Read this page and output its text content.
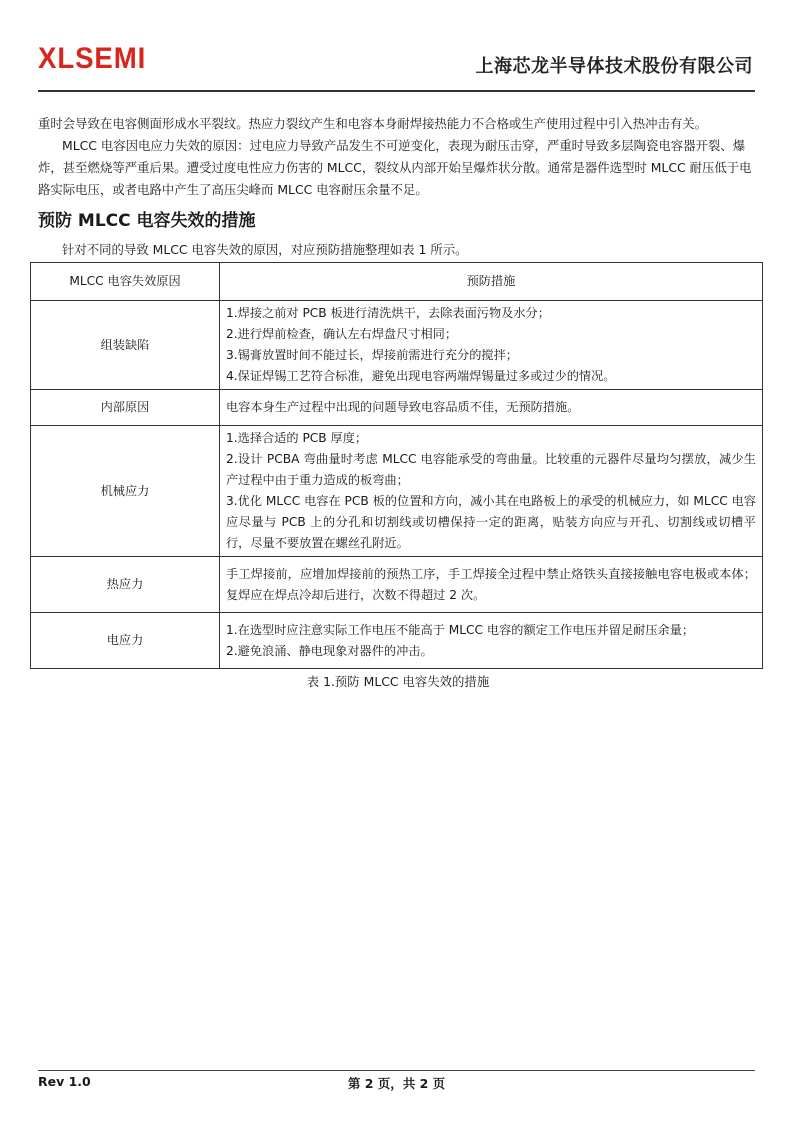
XLSEMI	上海芯龙半导体技术股份有限公司

重时会导致在电容侧面形成水平裂纹。热应力裂纹产生和电容本身耐焊接热能力不合格或生产使用过程中引入热冲击有关。

MLCC 电容因电应力失效的原因：过电应力导致产品发生不可逆变化，表现为耐压击穿，严重时导致多层陶瓷电容器开裂、爆炸，甚至燃烧等严重后果。遭受过度电性应力伤害的 MLCC，裂纹从内部开始呈爆炸状分散。通常是器件选型时 MLCC 耐压低于电路实际电压，或者电路中产生了高压尖峰而 MLCC 电容耐压余量不足。

预防 MLCC 电容失效的措施

针对不同的导致 MLCC 电容失效的原因，对应预防措施整理如表 1 所示。

MLCC 电容失效原因	预防措施
组装缺陷	1.焊接之前对 PCB 板进行清洗烘干，去除表面污物及水分；
2.进行焊前检查，确认左右焊盘尺寸相同；
3.锡膏放置时间不能过长，焊接前需进行充分的搅拌；
4.保证焊锡工艺符合标准，避免出现电容两端焊锡量过多或过少的情况。

内部原因	电容本身生产过程中出现的问题导致电容品质不佳，无预防措施。

机械应力	1.选择合适的 PCB 厚度；
2.设计 PCBA 弯曲量时考虑 MLCC 电容能承受的弯曲量。比较重的元器件尽量均匀摆放，减少生产过程中由于重力造成的板弯曲；
3.优化 MLCC 电容在 PCB 板的位置和方向，减小其在电路板上的承受的机械应力，如 MLCC 电容应尽量与 PCB 上的分孔和切割线或切槽保持一定的距离，贴装方向应与开孔、切割线或切槽平行，尽量不要放置在螺丝孔附近。

热应力	手工焊接前，应增加焊接前的预热工序，手工焊接全过程中禁止烙铁头直接接触电容电极或本体；复焊应在焊点冷却后进行，次数不得超过 2 次。

电应力	1.在选型时应注意实际工作电压不能高于 MLCC 电容的额定工作电压并留足耐压余量；
2.避免浪涌、静电现象对器件的冲击。
表 1.预防 MLCC 电容失效的措施
Rev 1.0	第 2 页，共 2 页
